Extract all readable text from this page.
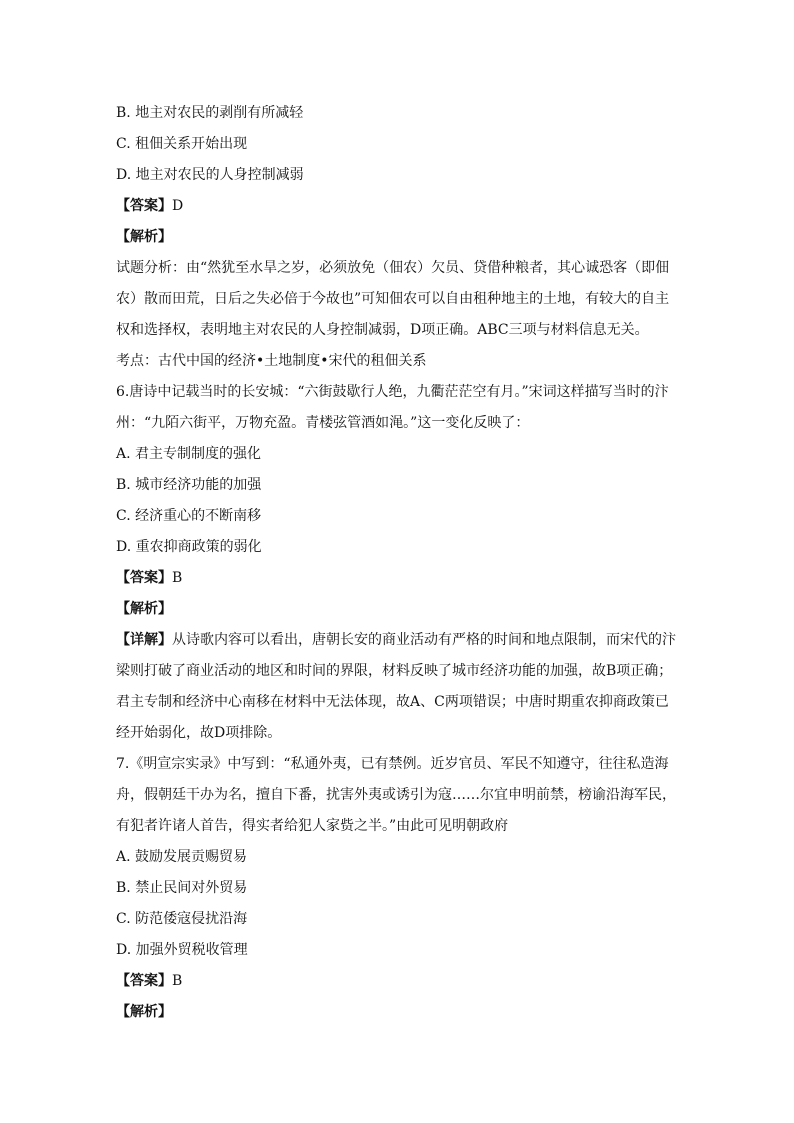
B. 地主对农民的剥削有所减轻
C. 租佃关系开始出现
D. 地主对农民的人身控制减弱
【答案】D
【解析】
试题分析：由“然犹至水旱之岁，必须放免（佃农）欠员、贷借种粮者，其心诚恐客（即佃农）散而田荒，日后之失必倍于今故也”可知佃农可以自由租种地主的土地，有较大的自主权和选择权，表明地主对农民的人身控制减弱，D项正确。ABC三项与材料信息无关。
考点：古代中国的经济•土地制度•宋代的租佃关系
6.唐诗中记载当时的长安城：“六街鼓歇行人绝，九衢茫茫空有月。”宋词这样描写当时的汴州：“九陌六街平，万物充盈。青楼弦管酒如渑。”这一变化反映了：
A. 君主专制制度的强化
B. 城市经济功能的加强
C. 经济重心的不断南移
D. 重农抑商政策的弱化
【答案】B
【解析】
【详解】从诗歌内容可以看出，唐朝长安的商业活动有严格的时间和地点限制，而宋代的汴梁则打破了商业活动的地区和时间的界限，材料反映了城市经济功能的加强，故B项正确；君主专制和经济中心南移在材料中无法体现，故A、C两项错误；中唐时期重农抑商政策已经开始弱化，故D项排除。
7.《明宣宗实录》中写到：“私通外夷，已有禁例。近岁官员、军民不知遵守，往往私造海舟，假朝廷干办为名，擅自下番，扰害外夷或诱引为寇……尔宜申明前禁，榜谕沿海军民，有犯者许诸人首告，得实者给犯人家赀之半。”由此可见明朝政府
A. 鼓励发展贡赐贸易
B. 禁止民间对外贸易
C. 防范倭寇侵扰沿海
D. 加强外贸税收管理
【答案】B
【解析】
